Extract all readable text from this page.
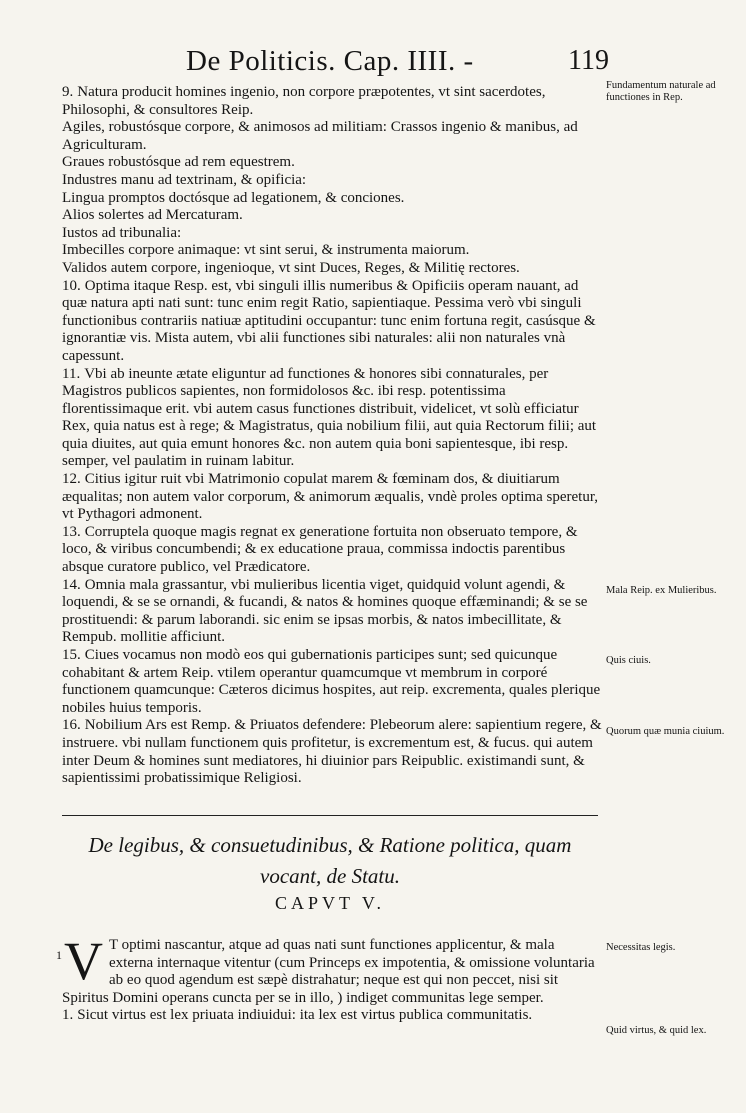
De Politicis. Cap. IIII. -	119

9. Natura producit homines ingenio, non corpore præpotentes, vt sint sacerdotes, Philosophi, & consultores Reip.

Agiles, robustósque corpore, & animosos ad militiam: Crassos ingenio & manibus, ad Agriculturam.

Graues robustósque ad rem equestrem.

Industres manu ad textrinam, & opificia:

Lingua promptos doctósque ad legationem, & conciones.

Alios solertes ad Mercaturam.

Iustos ad tribunalia:

Imbecilles corpore animaque: vt sint serui, & instrumenta maiorum.

Validos autem corpore, ingenioque, vt sint Duces, Reges, & Militię rectores.

10. Optima itaque Resp. est, vbi singuli illis numeribus & Opificiis operam nauant, ad quæ natura apti nati sunt: tunc enim regit Ratio, sapientiaque. Pessima verò vbi singuli functionibus contrariis natiuæ aptitudini occupantur: tunc enim fortuna regit, casúsque & ignorantiæ vis. Mista autem, vbi alii functiones sibi naturales: alii non naturales vnà capessunt.

11. Vbi ab ineunte ætate eliguntur ad functiones & honores sibi connaturales, per Magistros publicos sapientes, non formidolosos &c. ibi resp. potentissima florentissimaque erit. vbi autem casus functiones distribuit, videlicet, vt solù efficiatur Rex, quia natus est à rege; & Magistratus, quia nobilium filii, aut quia Rectorum filii; aut quia diuites, aut quia emunt honores &c. non autem quia boni sapientesque, ibi resp. semper, vel paulatim in ruinam labitur.

12. Citius igitur ruit vbi Matrimonio copulat marem & fœminam dos, & diuitiarum æqualitas; non autem valor corporum, & animorum æqualis, vndè proles optima speretur, vt Pythagori admonent.

13. Corruptela quoque magis regnat ex generatione fortuita non obseruato tempore, & loco, & viribus concumbendi; & ex educatione praua, commissa indoctis parentibus absque curatore publico, vel Prædicatore.

14. Omnia mala grassantur, vbi mulieribus licentia viget, quidquid volunt agendi, & loquendi, & se se ornandi, & fucandi, & natos & homines quoque effæminandi; & se se prostituendi: & parum laborandi. sic enim se ipsas morbis, & natos imbecillitate, & Rempub. mollitie afficiunt.

15. Ciues vocamus non modò eos qui gubernationis participes sunt; sed quicunque cohabitant & artem Reip. vtilem operantur quamcumque vt membrum in corporé functionem quamcunque: Cæteros dicimus hospites, aut reip. excrementa, quales plerique nobiles huius temporis.

16. Nobilium Ars est Remp. & Priuatos defendere: Plebeorum alere: sapientium regere, & instruere. vbi nullam functionem quis profitetur, is excrementum est, & fucus. qui autem inter Deum & homines sunt mediatores, hi diuinior pars Reipublic. existimandi sunt, & sapientissimi probatissimique Religiosi.

Fundamentum naturale ad functiones in Rep.
Mala Reip. ex Mulieribus.
Quis ciuis.
Quorum quæ munia ciuium.
Necessitas legis.
Quid virtus, & quid lex.
De legibus, & consuetudinibus, & Ratione politica, quam vocant, de Statu.
CAPVT V.
1 V T optimi nascantur, atque ad quas nati sunt functiones applicentur, & mala externa internaque vitentur (cum Princeps ex impotentia, & omissione voluntaria ab eo quod agendum est sæpè distrahatur; neque est qui non peccet, nisi sit Spiritus Domini operans cuncta per se in illo, ) indiget communitas lege semper.

1. Sicut virtus est lex priuata indiuidui: ita lex est virtus publica communitatis.
